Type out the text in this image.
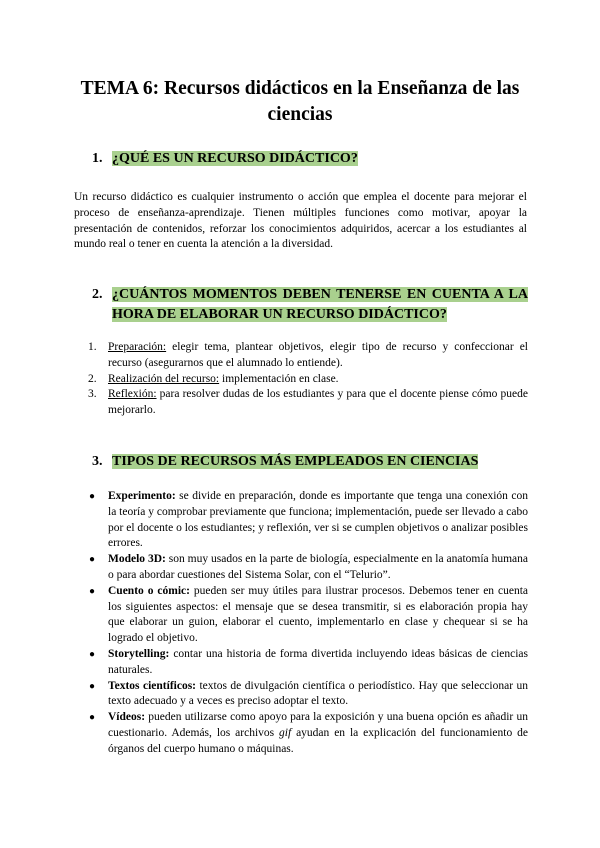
TEMA 6: Recursos didácticos en la Enseñanza de las ciencias
1. ¿QUÉ ES UN RECURSO DIDÁCTICO?

Un recurso didáctico es cualquier instrumento o acción que emplea el docente para mejorar el proceso de enseñanza-aprendizaje. Tienen múltiples funciones como motivar, apoyar la presentación de contenidos, reforzar los conocimientos adquiridos, acercar a los estudiantes al mundo real o tener en cuenta la atención a la diversidad.

2. ¿CUÁNTOS MOMENTOS DEBEN TENERSE EN CUENTA A LA HORA DE ELABORAR UN RECURSO DIDÁCTICO?
1. Preparación: elegir tema, plantear objetivos, elegir tipo de recurso y confeccionar el recurso (asegurarnos que el alumnado lo entiende).
2. Realización del recurso: implementación en clase.
3. Reflexión: para resolver dudas de los estudiantes y para que el docente piense cómo puede mejorarlo.
3. TIPOS DE RECURSOS MÁS EMPLEADOS EN CIENCIAS
● Experimento: se divide en preparación, donde es importante que tenga una conexión con la teoría y comprobar previamente que funciona; implementación, puede ser llevado a cabo por el docente o los estudiantes; y reflexión, ver si se cumplen objetivos o analizar posibles errores.
● Modelo 3D: son muy usados en la parte de biología, especialmente en la anatomía humana o para abordar cuestiones del Sistema Solar, con el “Telurio”.
● Cuento o cómic: pueden ser muy útiles para ilustrar procesos. Debemos tener en cuenta los siguientes aspectos: el mensaje que se desea transmitir, si es elaboración propia hay que elaborar un guion, elaborar el cuento, implementarlo en clase y chequear si se ha logrado el objetivo.
● Storytelling: contar una historia de forma divertida incluyendo ideas básicas de ciencias naturales.
● Textos científicos: textos de divulgación científica o periodístico. Hay que seleccionar un texto adecuado y a veces es preciso adoptar el texto.
● Vídeos: pueden utilizarse como apoyo para la exposición y una buena opción es añadir un cuestionario. Además, los archivos gif ayudan en la explicación del funcionamiento de órganos del cuerpo humano o máquinas.
